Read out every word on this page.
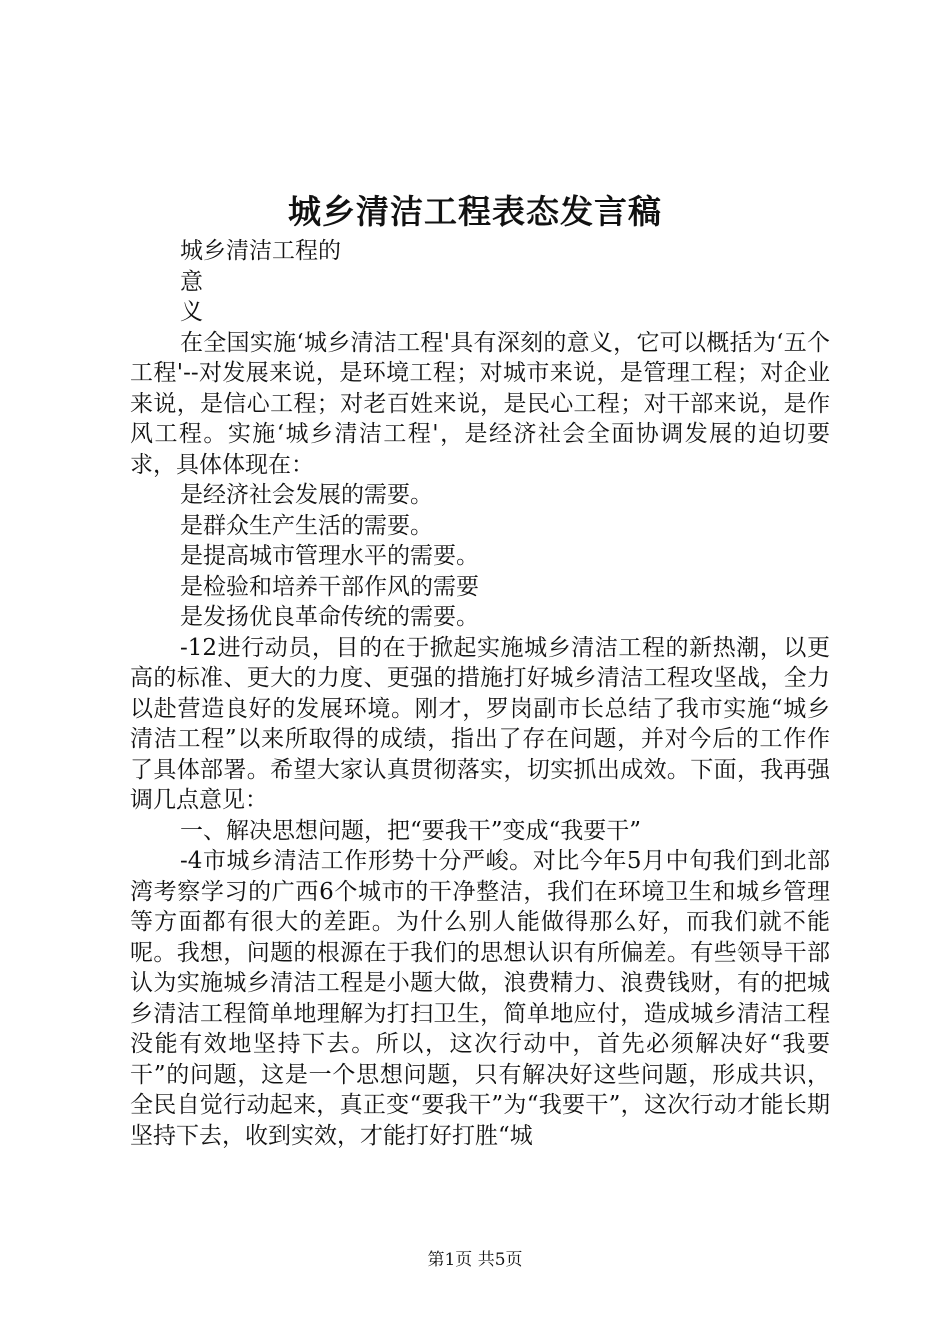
城乡清洁工程表态发言稿
城乡清洁工程的
意
义

在全国实施‘城乡清洁工程'具有深刻的意义，它可以概括为‘五个工程'--对发展来说，是环境工程；对城市来说，是管理工程；对企业来说，是信心工程；对老百姓来说，是民心工程；对干部来说，是作风工程。实施‘城乡清洁工程'，是经济社会全面协调发展的迫切要求，具体体现在：

是经济社会发展的需要。
是群众生产生活的需要。
是提高城市管理水平的需要。
是检验和培养干部作风的需要
是发扬优良革命传统的需要。

-12进行动员，目的在于掀起实施城乡清洁工程的新热潮，以更高的标准、更大的力度、更强的措施打好城乡清洁工程攻坚战，全力以赴营造良好的发展环境。刚才，罗岗副市长总结了我市实施“城乡清洁工程”以来所取得的成绩，指出了存在问题，并对今后的工作作了具体部署。希望大家认真贯彻落实，切实抓出成效。下面，我再强调几点意见：

一、解决思想问题，把“要我干”变成“我要干”

-4市城乡清洁工作形势十分严峻。对比今年5月中旬我们到北部湾考察学习的广西6个城市的干净整洁，我们在环境卫生和城乡管理等方面都有很大的差距。为什么别人能做得那么好，而我们就不能呢。我想，问题的根源在于我们的思想认识有所偏差。有些领导干部认为实施城乡清洁工程是小题大做，浪费精力、浪费钱财，有的把城乡清洁工程简单地理解为打扫卫生，简单地应付，造成城乡清洁工程没能有效地坚持下去。所以，这次行动中，首先必须解决好“我要干”的问题，这是一个思想问题，只有解决好这些问题，形成共识，全民自觉行动起来，真正变“要我干”为“我要干”，这次行动才能长期坚持下去，收到实效，才能打好打胜“城

第1页 共5页
